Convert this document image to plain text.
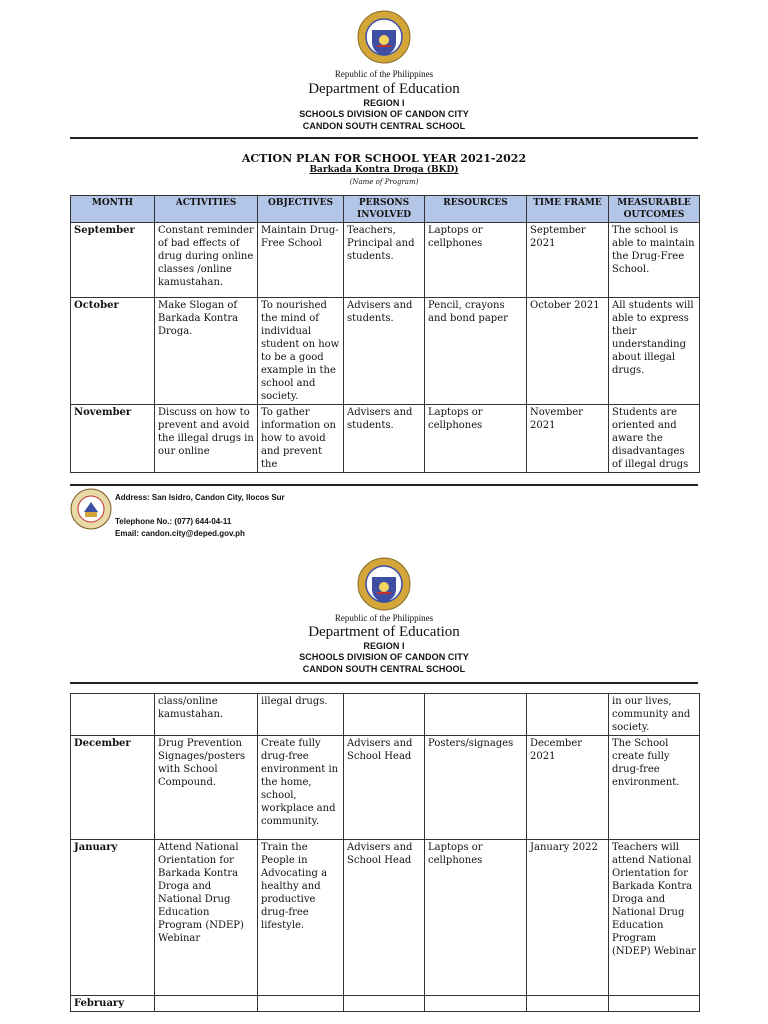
Republic of the Philippines
Department of Education
REGION I
SCHOOLS DIVISION OF CANDON CITY
CANDON SOUTH CENTRAL SCHOOL
ACTION PLAN FOR SCHOOL YEAR 2021-2022
Barkada Kontra Droga (BKD)
(Name of Program)
MONTH	ACTIVITIES	OBJECTIVES	PERSONS INVOLVED	RESOURCES	TIME FRAME	MEASURABLE OUTCOMES
September	Constant reminder of bad effects of drug during online classes /online kamustahan.	Maintain Drug-Free School	Teachers, Principal and students.	Laptops or cellphones	September 2021	The school is able to maintain the Drug-Free School.
October	Make Slogan of Barkada Kontra Droga.	To nourished the mind of individual student on how to be a good example in the school and society.	Advisers and students.	Pencil, crayons and bond paper	October 2021	All students will able to express their understanding about illegal drugs.
November	Discuss on how to prevent and avoid the illegal drugs in our online	To gather information on how to avoid and prevent the	Advisers and students.	Laptops or cellphones	November 2021	Students are oriented and aware the disadvantages of illegal drugs
Address: San Isidro, Candon City, Ilocos Sur
Telephone No.: (077) 644-04-11
Email: candon.city@deped.gov.ph
Republic of the Philippines
Department of Education
REGION I
SCHOOLS DIVISION OF CANDON CITY
CANDON SOUTH CENTRAL SCHOOL
	class/online kamustahan.	illegal drugs.				in our lives, community and society.
December	Drug Prevention Signages/posters with School Compound.	Create fully drug-free environment in the home, school, workplace and community.	Advisers and School Head	Posters/signages	December 2021	The School create fully drug-free environment.
January	Attend National Orientation for Barkada Kontra Droga and National Drug Education Program (NDEP) Webinar	Train the People in Advocating a healthy and productive drug-free lifestyle.	Advisers and School Head	Laptops or cellphones	January 2022	Teachers will attend National Orientation for Barkada Kontra Droga and National Drug Education Program (NDEP) Webinar
February						
